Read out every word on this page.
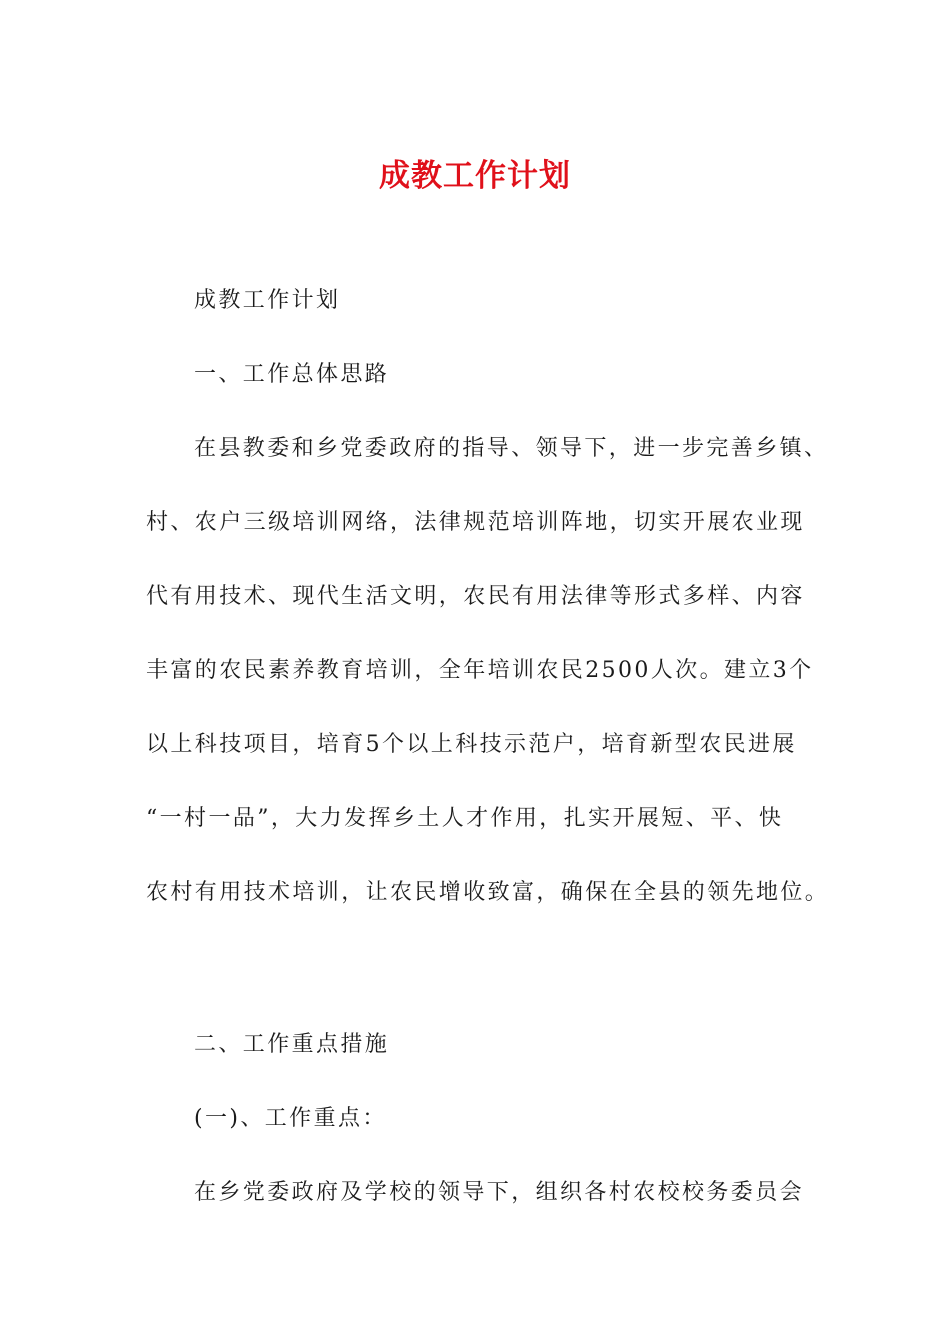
成教工作计划
成教工作计划
一、工作总体思路
在县教委和乡党委政府的指导、领导下，进一步完善乡镇、
村、农户三级培训网络，法律规范培训阵地，切实开展农业现
代有用技术、现代生活文明，农民有用法律等形式多样、内容
丰富的农民素养教育培训，全年培训农民2500人次。建立3个
以上科技项目，培育5个以上科技示范户，培育新型农民进展
“一村一品”，大力发挥乡土人才作用，扎实开展短、平、快
农村有用技术培训，让农民增收致富，确保在全县的领先地位。
二、工作重点措施
(一)、工作重点：
在乡党委政府及学校的领导下，组织各村农校校务委员会
